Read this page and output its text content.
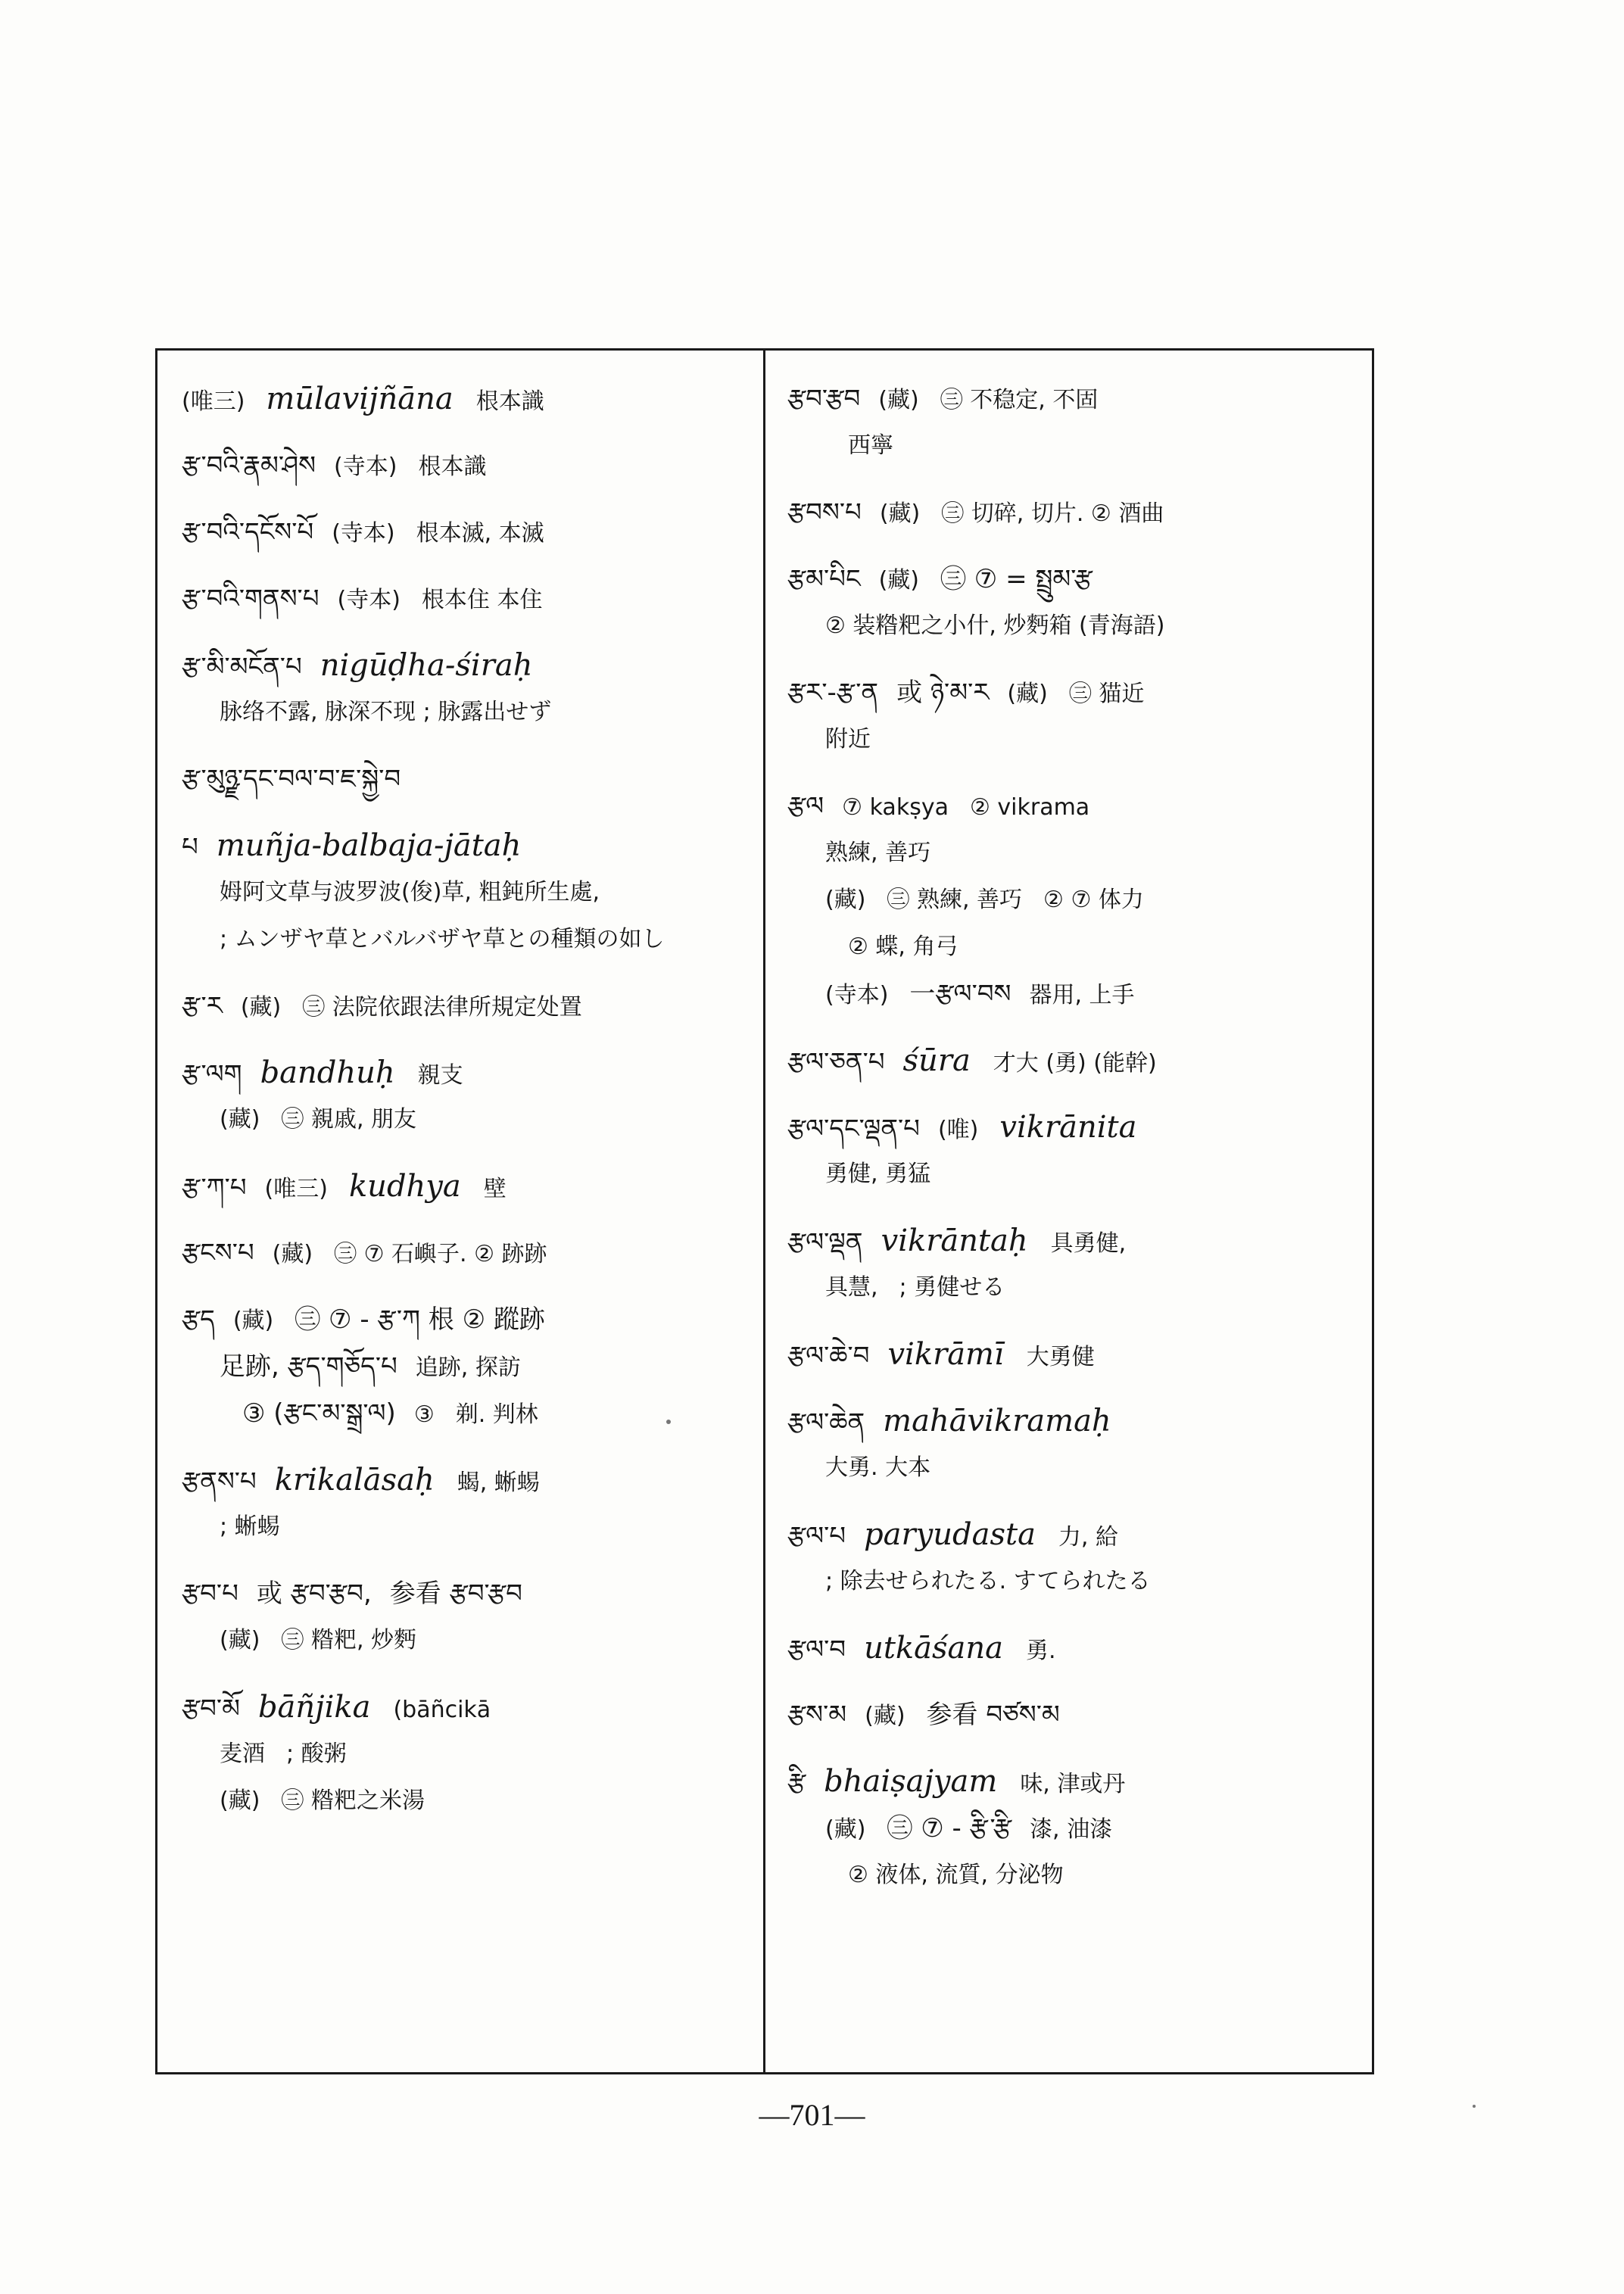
(唯三) mūlavijñāna 根本識
རྩ་བའི་རྣམ་ཤེས (寺本) 根本識
རྩ་བའི་དངོས་པོ (寺本) 根本滅, 本滅
རྩ་བའི་གནས་པ (寺本) 根本住 本住
རྩ་མི་མངོན་པ nigūḍha-śiraḥ
脉络不露, 脉深不现 ; 脉露出せず
རྩ་མུཉྫ་དང་བལ་བ་ཇ་སྐྱེ་བ
པ muñja-balbaja-jātaḥ
姆阿文草与波罗波(俊)草, 粗鈍所生處,
; ムンザヤ草とバルバザヤ草との種類の如し
རྩ་ར (藏) ㊂ 法院依跟法律所規定处置
རྩ་ལག bandhuḥ 親支
(藏) ㊂ 親戚, 朋友
རྩ་ཀ་པ (唯三) kudhya 壁
རྩངས་པ (藏) ㊂ ⑦ 石嶼子. ② 跡跡
རྩད (藏) ㊂ ⑦ - རྩ་ཀ 根 ② 蹤跡
足跡, རྩད་གཅོད་པ 追跡, 探訪
③ (རྩང་མ་སྒྲ་ལ) ③ 剃. 判林
རྩནས་པ krikalāsaḥ 蝎, 蜥蜴
; 蜥蜴
རྩབ་པ 或 རྩབ་རྩབ, 参看 རྩབ་རྩབ
(藏) ㊂ 糌粑, 炒麪
རྩབ་མོ bāñjika (bāñcikā
麦酒 ; 酸粥
(藏) ㊂ 糌粑之米湯
རྩབ་རྩབ (藏) ㊂ 不稳定, 不固
西寧
རྩབས་པ (藏) ㊂ 切碎, 切片. ② 酒曲
རྩམ་པིང (藏) ㊂ ⑦ = སྤྲུམ་རྩ
② 装糌粑之小什, 炒麪箱 (青海語)
རྩར་-རྩ་ན 或 ཉེ་མ་ར (藏) ㊂ 猫近
附近
རྩལ ⑦ kakṣya ② vikrama
熟練, 善巧
(藏) ㊂ 熟練, 善巧 ② ⑦ 体力
② 蝶, 角弓
(寺本) 一རྩལ་བས 器用, 上手
རྩལ་ཅན་པ śūra 才大 (勇) (能幹)
རྩལ་དང་ལྡན་པ (唯) vikrānita
勇健, 勇猛
རྩལ་ལྡན vikrāntaḥ 具勇健,
具慧, ; 勇健せる
རྩལ་ཆེ་བ vikrāmī 大勇健
རྩལ་ཆེན mahāvikramaḥ
大勇. 大本
རྩལ་པ paryudasta 力, 給
; 除去せられたる. すてられたる
རྩལ་བ utkāśana 勇.
རྩས་མ (藏) 参看 བཙས་མ
རྩི bhaiṣajyam 味, 津或丹
(藏) ㊂ ⑦ - རྩི་རྩི 漆, 油漆
② 液体, 流質, 分泌物
—701—
